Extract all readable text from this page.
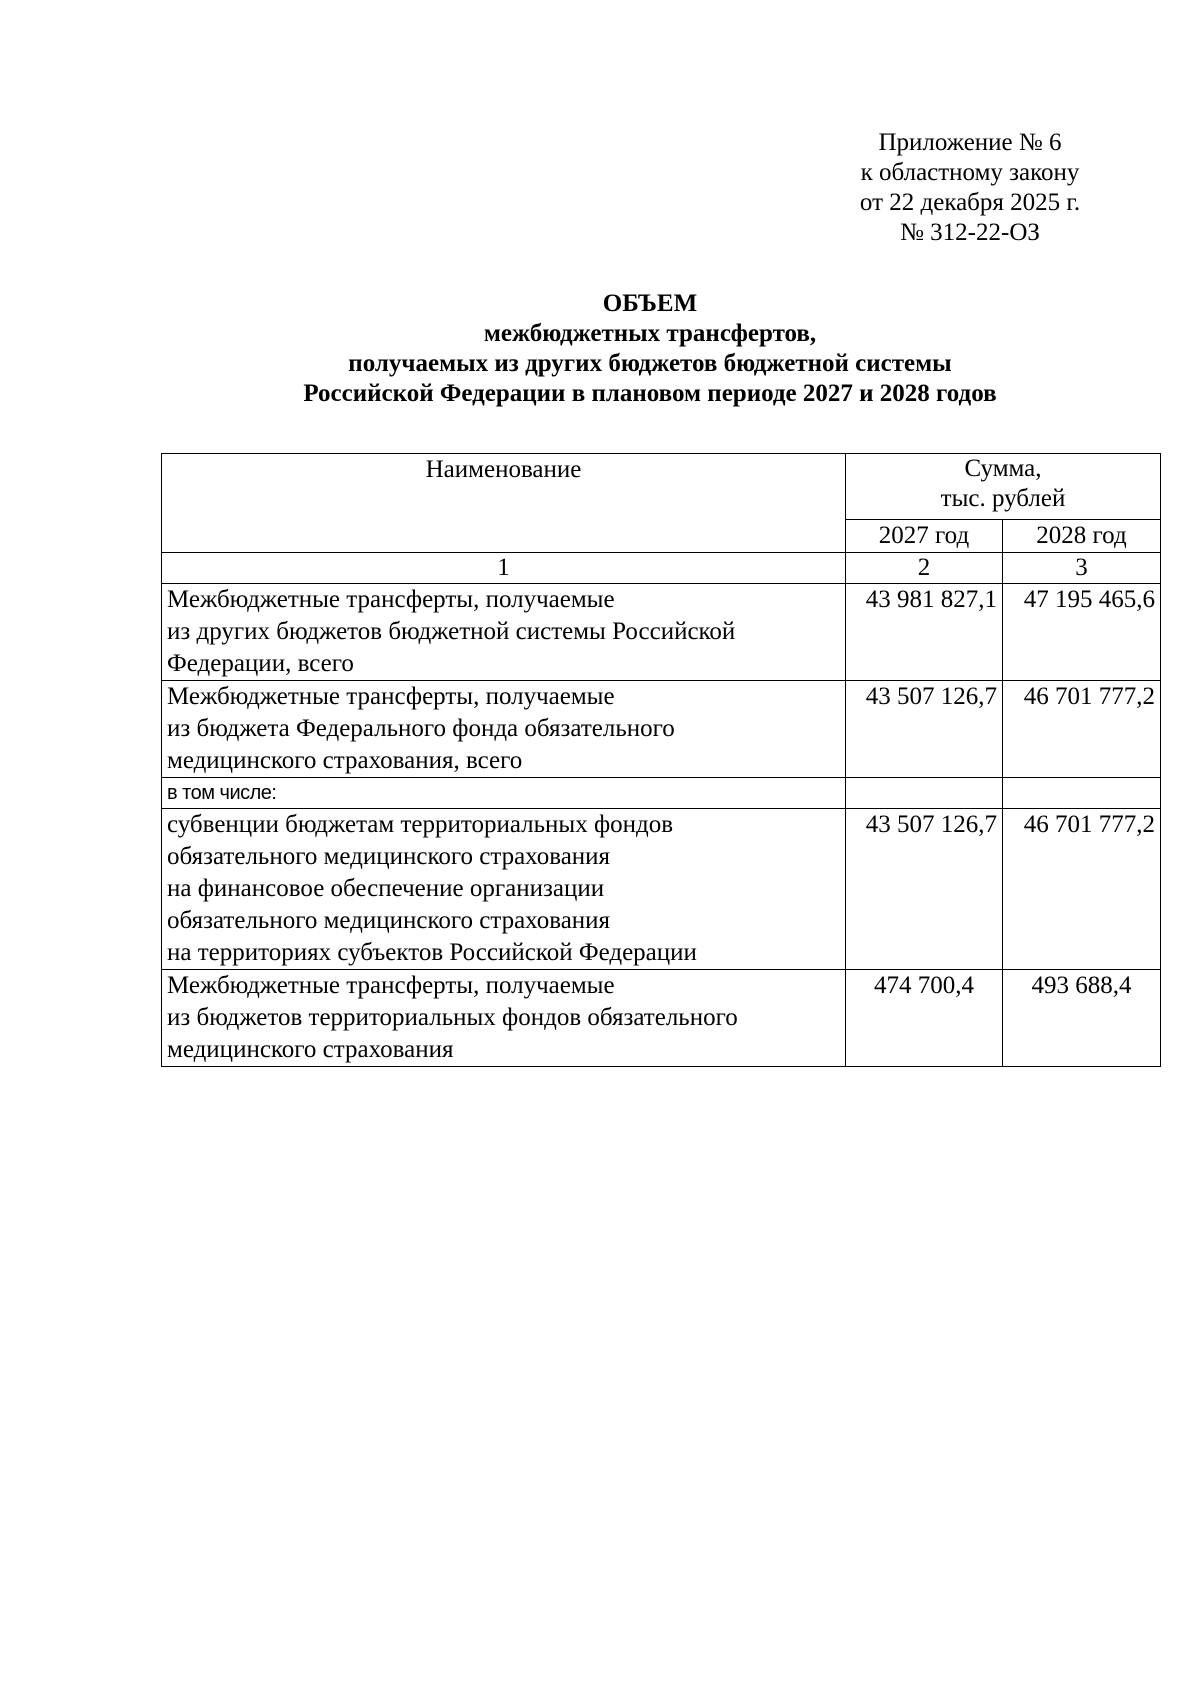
Приложение № 6
к областному закону
от 22 декабря 2025 г.
№ 312-22-ОЗ
ОБЪЕМ
межбюджетных трансфертов,
получаемых из других бюджетов бюджетной системы
Российской Федерации в плановом периоде 2027 и 2028 годов
Наименование	Сумма,
тыс. рублей	

	2027 год	2028 год
1	2	3

Межбюджетные трансферты, получаемые
из других бюджетов бюджетной системы Российской
Федерации, всего	43 981 827,1	47 195 465,6

Межбюджетные трансферты, получаемые
из бюджета Федерального фонда обязательного
медицинского страхования, всего	43 507 126,7	46 701 777,2
в том числе:		

субвенции бюджетам территориальных фондов
обязательного медицинского страхования
на финансовое обеспечение организации
обязательного медицинского страхования
на территориях субъектов Российской Федерации	43 507 126,7	46 701 777,2

Межбюджетные трансферты, получаемые
из бюджетов территориальных фондов обязательного
медицинского страхования	474 700,4	493 688,4
